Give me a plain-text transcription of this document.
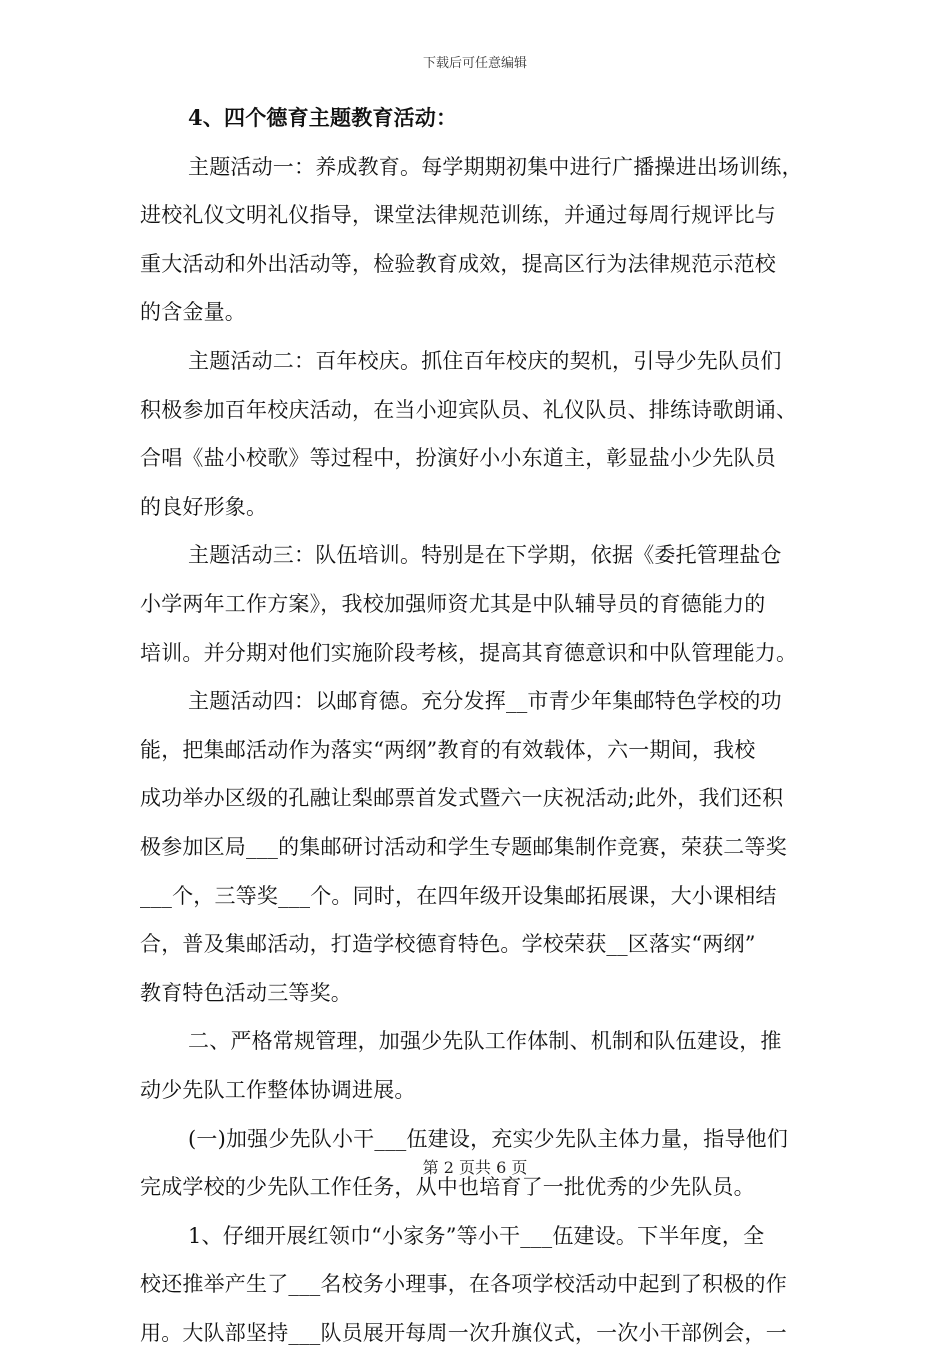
下载后可任意编辑
4、四个德育主题教育活动：
主题活动一：养成教育。每学期期初集中进行广播操进出场训练，
进校礼仪文明礼仪指导，课堂法律规范训练，并通过每周行规评比与
重大活动和外出活动等，检验教育成效，提高区行为法律规范示范校
的含金量。
主题活动二：百年校庆。抓住百年校庆的契机，引导少先队员们
积极参加百年校庆活动，在当小迎宾队员、礼仪队员、排练诗歌朗诵、
合唱《盐小校歌》等过程中，扮演好小小东道主，彰显盐小少先队员
的良好形象。
主题活动三：队伍培训。特别是在下学期，依据《委托管理盐仓
小学两年工作方案》，我校加强师资尤其是中队辅导员的育德能力的
培训。并分期对他们实施阶段考核，提高其育德意识和中队管理能力。
主题活动四：以邮育德。充分发挥__市青少年集邮特色学校的功
能，把集邮活动作为落实“两纲”教育的有效载体，六一期间，我校
成功举办区级的孔融让梨邮票首发式暨六一庆祝活动;此外，我们还积
极参加区局___的集邮研讨活动和学生专题邮集制作竞赛，荣获二等奖
___个，三等奖___个。同时，在四年级开设集邮拓展课，大小课相结
合，普及集邮活动，打造学校德育特色。学校荣获__区落实“两纲”
教育特色活动三等奖。
二、严格常规管理，加强少先队工作体制、机制和队伍建设，推
动少先队工作整体协调进展。
(一)加强少先队小干___伍建设，充实少先队主体力量，指导他们
完成学校的少先队工作任务，从中也培育了一批优秀的少先队员。
1、仔细开展红领巾“小家务”等小干___伍建设。下半年度，全
校还推举产生了___名校务小理事，在各项学校活动中起到了积极的作
用。大队部坚持___队员展开每周一次升旗仪式，一次小干部例会，一
第 2 页共 6 页
